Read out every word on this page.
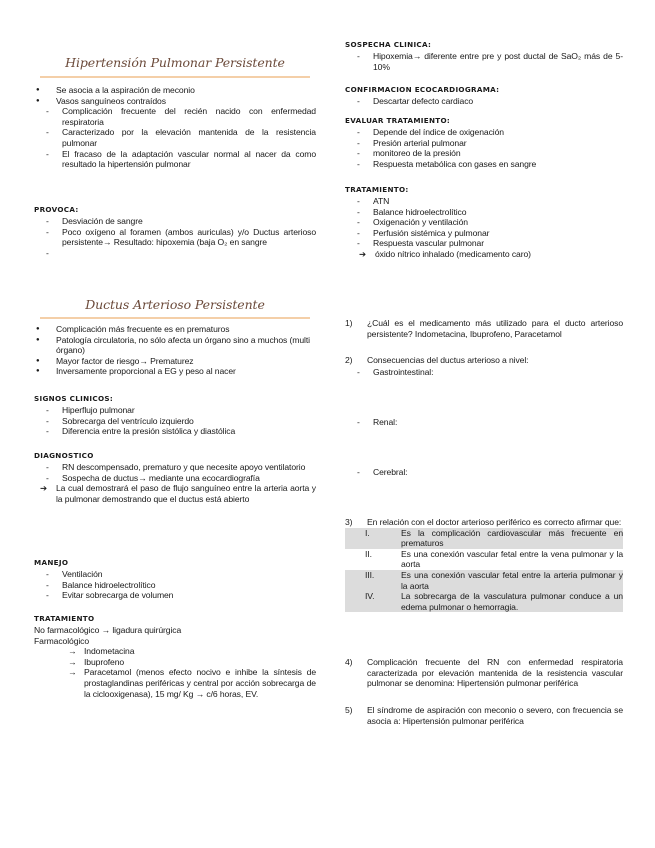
Hipertensión Pulmonar Persistente
● Se asocia a la aspiración de meconio
● Vasos sanguíneos contraídos
- Complicación frecuente del recién nacido con enfermedad respiratoria
- Caracterizado por la elevación mantenida de la resistencia pulmonar
- El fracaso de la adaptación vascular normal al nacer da como resultado la hipertensión pulmonar
PROVOCA:
- Desviación de sangre
- Poco oxígeno al foramen (ambos auriculas) y/o Ductus arterioso persistente→ Resultado: hipoxemia (baja O₂ en sangre
-
Ductus Arterioso Persistente
● Complicación más frecuente es en prematuros
● Patología circulatoria, no sólo afecta un órgano sino a muchos (multi órgano)
● Mayor factor de riesgo→ Prematurez
● Inversamente proporcional a EG y peso al nacer
SIGNOS CLINICOS:
- Hiperflujo pulmonar
- Sobrecarga del ventrículo izquierdo
- Diferencia entre la presión sistólica y diastólica
DIAGNOSTICO
- RN descompensado, prematuro y que necesite apoyo ventilatorio
- Sospecha de ductus→ mediante una ecocardiografía
➔ La cual demostrará el paso de flujo sanguíneo entre la arteria aorta y la pulmonar demostrando que el ductus está abierto
MANEJO
- Ventilación
- Balance hidroelectrolítico
- Evitar sobrecarga de volumen
TRATAMIENTO

No farmacológico → ligadura quirúrgica

Farmacológico

→ Indometacina
→ Ibuprofeno
→ Paracetamol (menos efecto nocivo e inhibe la síntesis de prostaglandinas periféricas y central por acción sobrecarga de la ciclooxigenasa), 15 mg/ Kg → c/6 horas, EV.
SOSPECHA CLINICA:
- Hipoxemia→ diferente entre pre y post ductal de SaO₂ más de 5-10%
CONFIRMACION ECOCARDIOGRAMA:
- Descartar defecto cardiaco
EVALUAR TRATAMIENTO:
- Depende del índice de oxigenación
- Presión arterial pulmonar
- monitoreo de la presión
- Respuesta metabólica con gases en sangre
TRATAMIENTO:
- ATN
- Balance hidroelectrolítico
- Oxigenación y ventilación
- Perfusión sistémica y pulmonar
- Respuesta vascular pulmonar
➔ óxido nítrico inhalado (medicamento caro)
1) ¿Cuál es el medicamento más utilizado para el ducto arterioso persistente? Indometacina, Ibuprofeno, Paracetamol
2) Consecuencias del ductus arterioso a nivel:
- Gastrointestinal:
- Renal:
- Cerebral:
3) En relación con el doctor arterioso periférico es correcto afirmar que:
I.	Es la complicación cardiovascular más frecuente en prematuros
II.	Es una conexión vascular fetal entre la vena pulmonar y la aorta
III.	Es una conexión vascular fetal entre la arteria pulmonar y la aorta
IV.	La sobrecarga de la vasculatura pulmonar conduce a un edema pulmonar o hemorragia.
4) Complicación frecuente del RN con enfermedad respiratoria caracterizada por elevación mantenida de la resistencia vascular pulmonar se denomina: Hipertensión pulmonar periférica
5) El síndrome de aspiración con meconio o severo, con frecuencia se asocia a: Hipertensión pulmonar periférica
